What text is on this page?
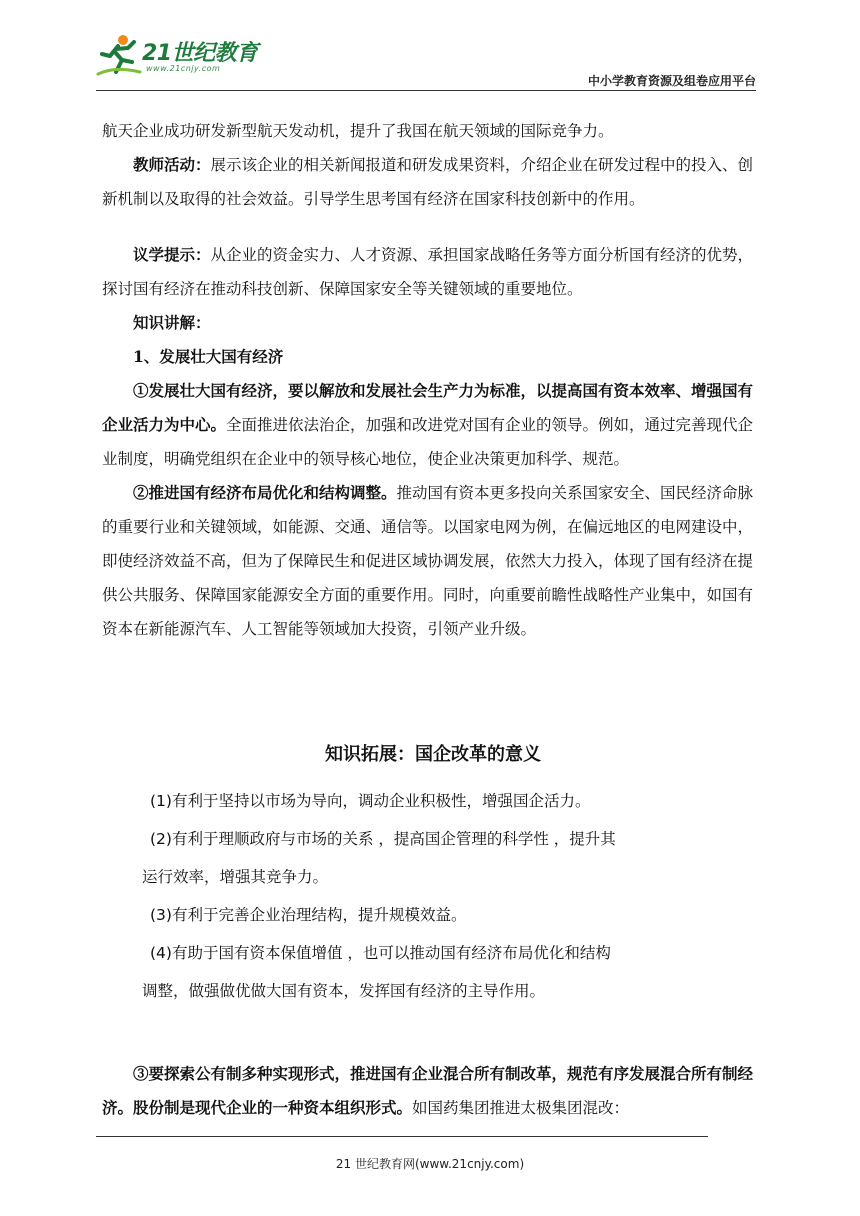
21世纪教育
www.21cnjy.com
中小学教育资源及组卷应用平台

航天企业成功研发新型航天发动机，提升了我国在航天领域的国际竞争力。

教师活动：展示该企业的相关新闻报道和研发成果资料，介绍企业在研发过程中的投入、创新机制以及取得的社会效益。引导学生思考国有经济在国家科技创新中的作用。

议学提示：从企业的资金实力、人才资源、承担国家战略任务等方面分析国有经济的优势，探讨国有经济在推动科技创新、保障国家安全等关键领域的重要地位。

知识讲解：

1、发展壮大国有经济

①发展壮大国有经济，要以解放和发展社会生产力为标准，以提高国有资本效率、增强国有企业活力为中心。全面推进依法治企，加强和改进党对国有企业的领导。例如，通过完善现代企业制度，明确党组织在企业中的领导核心地位，使企业决策更加科学、规范。

②推进国有经济布局优化和结构调整。推动国有资本更多投向关系国家安全、国民经济命脉的重要行业和关键领域，如能源、交通、通信等。以国家电网为例，在偏远地区的电网建设中，即使经济效益不高，但为了保障民生和促进区域协调发展，依然大力投入，体现了国有经济在提供公共服务、保障国家能源安全方面的重要作用。同时，向重要前瞻性战略性产业集中，如国有资本在新能源汽车、人工智能等领域加大投资，引领产业升级。

知识拓展：国企改革的意义

(1)有利于坚持以市场为导向，调动企业积极性，增强国企活力。

(2)有利于理顺政府与市场的关系 ，提高国企管理的科学性 ，提升其

运行效率，增强其竞争力。

(3)有利于完善企业治理结构，提升规模效益。

(4)有助于国有资本保值增值 ，也可以推动国有经济布局优化和结构

调整，做强做优做大国有资本，发挥国有经济的主导作用。

③要探索公有制多种实现形式，推进国有企业混合所有制改革，规范有序发展混合所有制经济。股份制是现代企业的一种资本组织形式。如国药集团推进太极集团混改：

21 世纪教育网(www.21cnjy.com)
